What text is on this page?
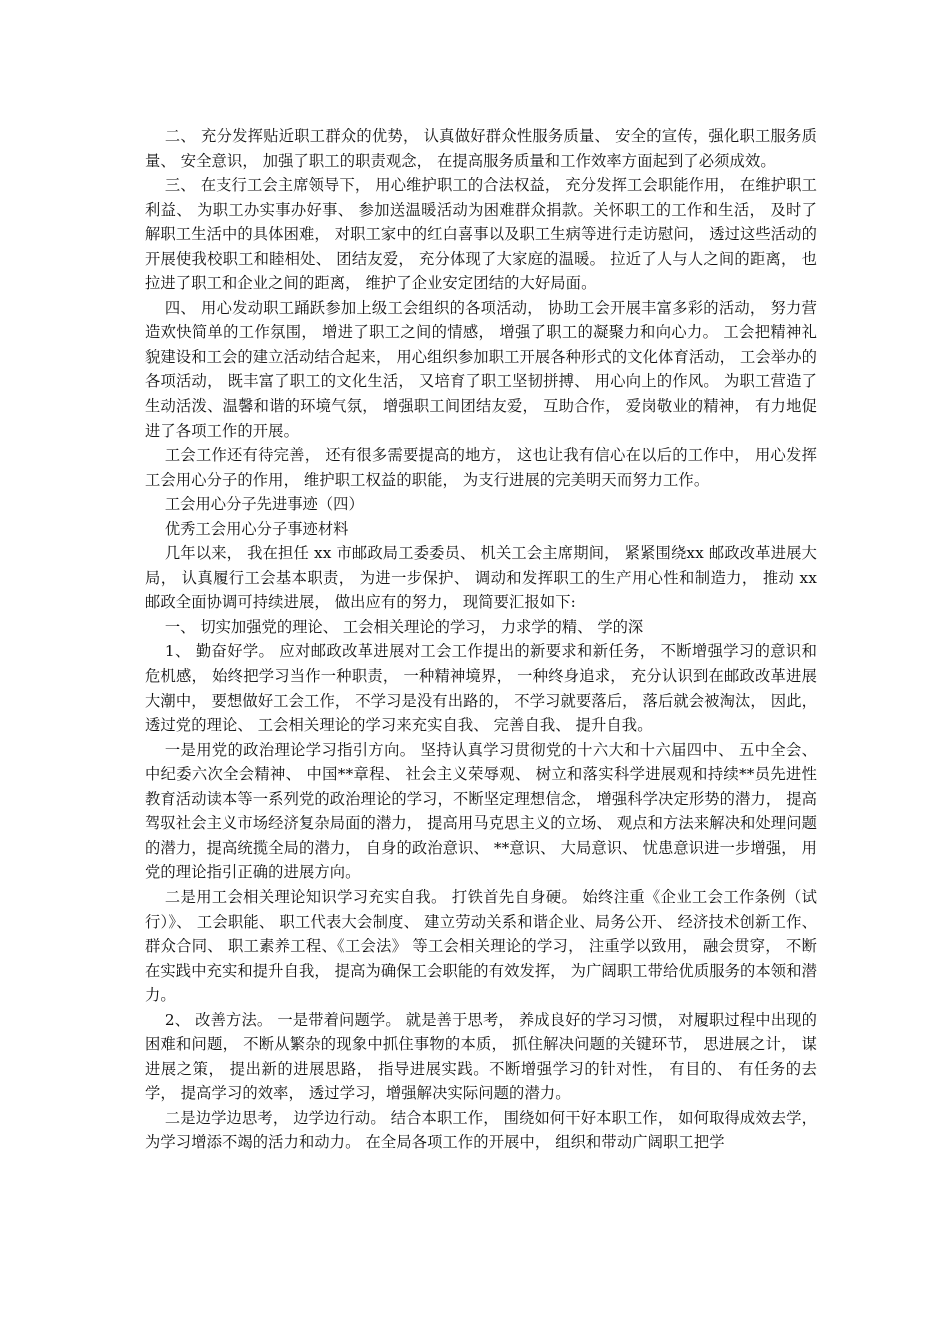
二、 充分发挥贴近职工群众的优势， 认真做好群众性服务质量、 安全的宣传，强化职工服务质量、 安全意识， 加强了职工的职责观念， 在提高服务质量和工作效率方面起到了必须成效。

三、 在支行工会主席领导下， 用心维护职工的合法权益， 充分发挥工会职能作用， 在维护职工利益、 为职工办实事办好事、 参加送温暖活动为困难群众捐款。关怀职工的工作和生活， 及时了解职工生活中的具体困难， 对职工家中的红白喜事以及职工生病等进行走访慰问， 透过这些活动的开展使我校职工和睦相处、 团结友爱， 充分体现了大家庭的温暖。 拉近了人与人之间的距离， 也拉进了职工和企业之间的距离， 维护了企业安定团结的大好局面。

四、 用心发动职工踊跃参加上级工会组织的各项活动， 协助工会开展丰富多彩的活动， 努力营造欢快简单的工作氛围， 增进了职工之间的情感， 增强了职工的凝聚力和向心力。 工会把精神礼貌建设和工会的建立活动结合起来， 用心组织参加职工开展各种形式的文化体育活动， 工会举办的各项活动， 既丰富了职工的文化生活， 又培育了职工坚韧拼搏、 用心向上的作风。 为职工营造了生动活泼、温馨和谐的环境气氛， 增强职工间团结友爱， 互助合作， 爱岗敬业的精神， 有力地促进了各项工作的开展。

工会工作还有待完善， 还有很多需要提高的地方， 这也让我有信心在以后的工作中， 用心发挥工会用心分子的作用， 维护职工权益的职能， 为支行进展的完美明天而努力工作。

工会用心分子先进事迹（四）

优秀工会用心分子事迹材料

几年以来， 我在担任 xx 市邮政局工委委员、 机关工会主席期间， 紧紧围绕xx 邮政改革进展大局， 认真履行工会基本职责， 为进一步保护、 调动和发挥职工的生产用心性和制造力， 推动 xx 邮政全面协调可持续进展， 做出应有的努力， 现简要汇报如下:

一、 切实加强党的理论、 工会相关理论的学习， 力求学的精、 学的深

1、 勤奋好学。 应对邮政改革进展对工会工作提出的新要求和新任务， 不断增强学习的意识和危机感， 始终把学习当作一种职责， 一种精神境界， 一种终身追求， 充分认识到在邮政改革进展大潮中， 要想做好工会工作， 不学习是没有出路的， 不学习就要落后， 落后就会被淘汰， 因此， 透过党的理论、 工会相关理论的学习来充实自我、 完善自我、 提升自我。

一是用党的政治理论学习指引方向。 坚持认真学习贯彻党的十六大和十六届四中、 五中全会、 中纪委六次全会精神、 中国**章程、 社会主义荣辱观、 树立和落实科学进展观和持续**员先进性教育活动读本等一系列党的政治理论的学习，不断坚定理想信念， 增强科学决定形势的潜力， 提高驾驭社会主义市场经济复杂局面的潜力， 提高用马克思主义的立场、 观点和方法来解决和处理问题的潜力，提高统揽全局的潜力， 自身的政治意识、 **意识、 大局意识、 忧患意识进一步增强， 用党的理论指引正确的进展方向。

二是用工会相关理论知识学习充实自我。 打铁首先自身硬。 始终注重《企业工会工作条例（试行）》、 工会职能、 职工代表大会制度、 建立劳动关系和谐企业、局务公开、 经济技术创新工作、 群众合同、 职工素养工程、《工会法》 等工会相关理论的学习， 注重学以致用， 融会贯穿， 不断在实践中充实和提升自我， 提高为确保工会职能的有效发挥， 为广阔职工带给优质服务的本领和潜力。

2、 改善方法。 一是带着问题学。 就是善于思考， 养成良好的学习习惯， 对履职过程中出现的困难和问题， 不断从繁杂的现象中抓住事物的本质， 抓住解决问题的关键环节， 思进展之计， 谋进展之策， 提出新的进展思路， 指导进展实践。不断增强学习的针对性， 有目的、 有任务的去学， 提高学习的效率， 透过学习，增强解决实际问题的潜力。

二是边学边思考， 边学边行动。 结合本职工作， 围绕如何干好本职工作， 如何取得成效去学， 为学习增添不竭的活力和动力。 在全局各项工作的开展中， 组织和带动广阔职工把学
